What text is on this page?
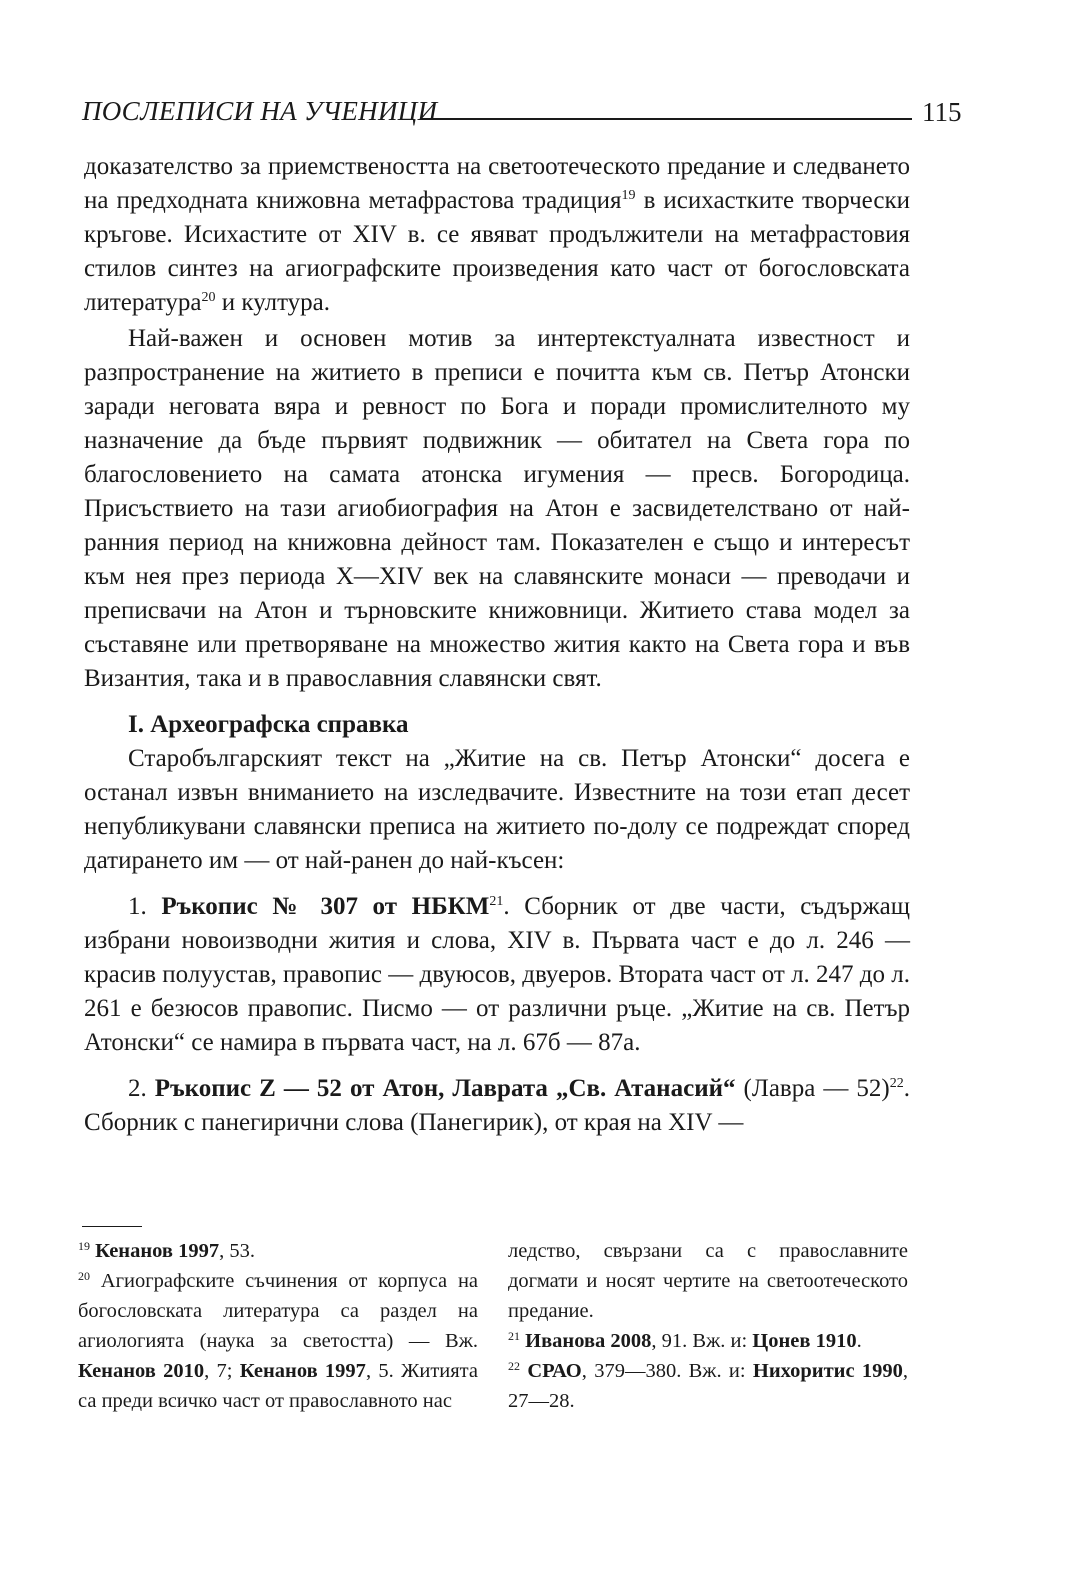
ПОСЛЕПИСИ НА УЧЕНИЦИ	115

доказателство за приемствеността на светоотеческото предание и следването на предходната книжовна метафрастова традиция$^{19}$ в исихастките творчески кръгове. Исихастите от XIV в. се явяват продължители на метафрастовия стилов синтез на агиографските произведения като част от богословската литература$^{20}$ и култура.

Най-важен и основен мотив за интертекстуалната известност и разпространение на житието в преписи е почитта към св. Петър Атонски заради неговата вяра и ревност по Бога и поради промислителното му назначение да бъде първият подвижник — обитател на Света гора по благословението на самата атонска игумения — пресв. Богородица. Присъствието на тази агиобиография на Атон е засвидетелствано от най-ранния период на книжовна дейност там. Показателен е също и интересът към нея през периода X—XIV век на славянските монаси — преводачи и преписвачи на Атон и търновските книжовници. Житието става модел за съставяне или претворяване на множество жития както на Света гора и във Византия, така и в православния славянски свят.

I. Археографска справка

Старобългарският текст на „Житие на св. Петър Атонски“ досега е останал извън вниманието на изследвачите. Известните на този етап десет непубликувани славянски преписа на житието по-долу се подреждат според датирането им — от най-ранен до най-късен:

1. Ръкопис № 307 от НБКМ$^{21}$. Сборник от две части, съдържащ избрани новоизводни жития и слова, XIV в. Първата част е до л. 246 — красив полуустав, правопис — двуюсов, двуеров. Втората част от л. 247 до л. 261 е безюсов правопис. Писмо — от различни ръце. „Житие на св. Петър Атонски“ се намира в първата част, на л. 67б — 87а.

2. Ръкопис Z — 52 от Атон, Лаврата „Св. Атанасий“ (Лавра — 52)$^{22}$. Сборник с панегирични слова (Панегирик), от края на XIV —

$^{19}$ Кенанов 1997, 53.

$^{20}$ Агиографските съчинения от корпуса на богословската литература са раздел на агиологията (наука за светостта) — Вж. Кенанов 2010, 7; Кенанов 1997, 5. Житията са преди всичко част от православното нас

ледство, свързани са с православните догмати и носят чертите на светоотеческото предание.

$^{21}$ Иванова 2008, 91. Вж. и: Цонев 1910.

$^{22}$ СРАО, 379—380. Вж. и: Нихоритис 1990, 27—28.
